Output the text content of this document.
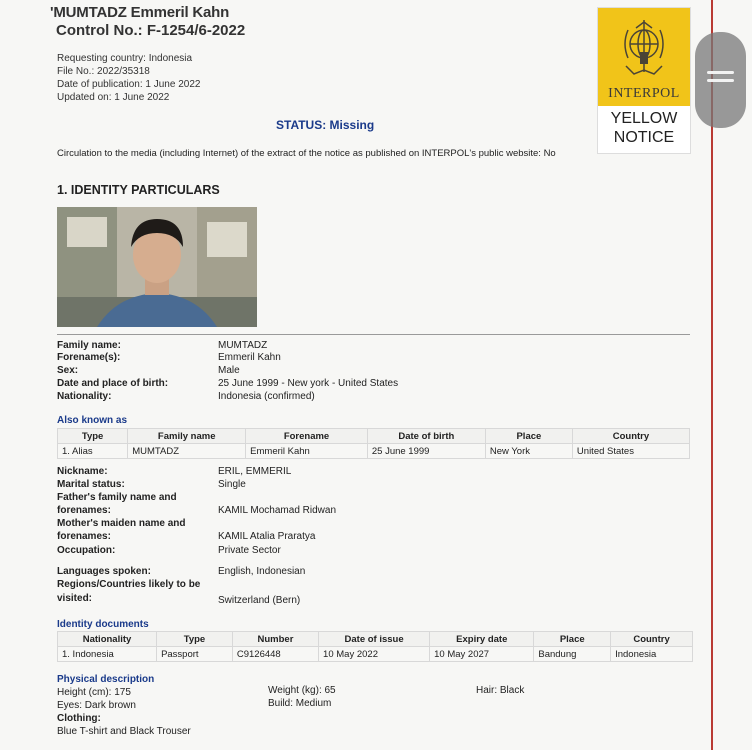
'MUMTADZ Emmeril Kahn
Control No.: F-1254/6-2022
Requesting country: Indonesia
File No.: 2022/35318
Date of publication: 1 June 2022
Updated on: 1 June 2022	INTERPOL
YELLOW
NOTICE
STATUS: Missing
Circulation to the media (including Internet) of the extract of the notice as published on INTERPOL's public website: No
1. IDENTITY PARTICULARS
Family name:	MUMTADZ
Forename(s):	Emmeril Kahn
Sex:	Male
Date and place of birth:	25 June 1999 - New york - United States
Nationality:	Indonesia (confirmed)
Also known as
Type	Family name	Forename	Date of birth	Place	Country
1. Alias	MUMTADZ	Emmeril Kahn	25 June 1999	New York	United States
Nickname:	ERIL, EMMERIL
Marital status:	Single
Father's family name and
forenames:	KAMIL Mochamad Ridwan
Mother's maiden name and
forenames:	KAMIL Atalia Praratya
Occupation:	Private Sector
Languages spoken:	English, Indonesian
Regions/Countries likely to be
visited:	Switzerland (Bern)
Identity documents
Nationality	Type	Number	Date of issue	Expiry date	Place	Country
1. Indonesia	Passport	C9126448	10 May 2022	10 May 2027	Bandung	Indonesia
Physical description
Height (cm): 175	Weight (kg): 65	Hair: Black
Eyes: Dark brown	Build: Medium
Clothing:
Blue T-shirt and Black Trouser
